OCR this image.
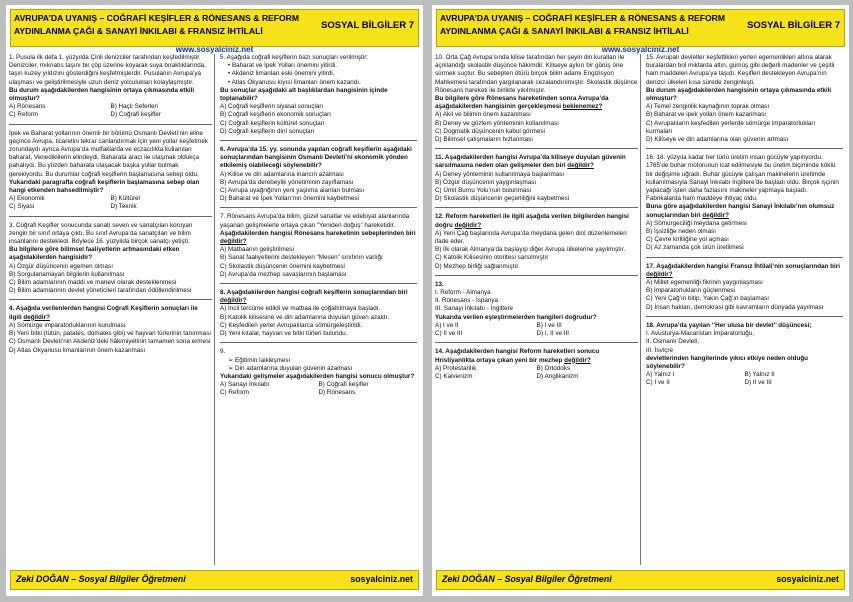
AVRUPA’DA UYANIŞ – COĞRAFİ KEŞİFLER & RÖNESANS & REFORM
AYDINLANMA ÇAĞI & SANAYİ İNKILABI & FRANSIZ İHTİLALİ	SOSYAL BİLGİLER 7
www.sosyalciniz.net

1. Pusula ilk defa 1. yüzyılda Çinli denizciler tarafından keşfedilmiştir. Denizciler, mıknatıs taşını bir çöp üzerine koyarak suya bıraktıklarında, taşın kuzey yıldızını gösterdiğini keşfetmişlerdir. Pusulanın Avrupa’ya ulaşması ve geliştirilmesiyle uzun deniz yolculukları kolaylaşmıştır.

Bu durum aşağıdakilerden hangisinin ortaya çıkmasında etkili olmuştur?

A) Rönesans	B) Haçlı Seferleri

C) Reform	D) Coğrafi keşifler

İpek ve Baharat yollarının önemli bir bölümü Osmanlı Devleti’nin eline geçince Avrupa, ticaretini tekrar canlandırmak için yeni yollar keşfetmek zorundaydı ayrıca Avrupa’da mutfaklarda ve eczacılıkta kullanılan baharat, Venediklilerin elindeydi. Baharata aracı ile ulaşmak oldukça pahalıydı. Bu yüzden baharata ulaşacak başka yollar bulmak gerekiyordu. Bu durumlar coğrafi keşiflerin başlamasına sebep oldu.

Yukarıdaki paragrafta coğrafi keşiflerin başlamasına sebep olan hangi etkenden bahsedilmiştir?

A) Ekonomik	B) Kültürel

C) Siyasi	D) Teknik

3. Coğrafi Keşifler sonucunda sanatı seven ve sanatçıları koruyan zengin bir sınıf ortaya çıktı. Bu sınıf Avrupa’da sanatçıları ve bilim insanlarını destekledi. Böylece 16. yüzyılda birçok sanatçı yetişti.

Bu bilgilere göre bilimsel faaliyetlerin artmasındaki etken aşağıdakilerden hangisidir?

A) Özgür düşüncenin egemen olması

B) Sorgulanamayan bilgilerin kullanılması

C) Bilim adamlarının maddi ve manevi olarak desteklenmesi

D) Bilim adamlarının devlet yöneticileri tarafından ödüllendirilmesi

4. Aşağıda verilenlerden hangisi Coğrafi Keşiflerin sonuçları ile ilgili değildir?

A) Sömürge imparatorluklarının kurulması

B) Yeni bitki (tütün, patates, domates gibi) ve hayvan türlerinin tanınması

C) Osmanlı Devleti’nin Akdeniz’deki hâkimiyetinin tamamen sona ermesi

D) Atlas Okyanusu limanlarının önem kazanması

5. Aşağıda coğrafi keşiflerin bazı sonuçları verilmiştir:

• Baharat ve İpek Yolları önemini yitirdi.

• Akdeniz limanları eski önemini yitirdi.

• Atlas Okyanusu kıyısı limanları önem kazandı.

Bu sonuçlar aşağıdaki alt başlıklardan hangisinin içinde toplanabilir?

A) Coğrafi keşiflerin siyasal sonuçları

B) Coğrafi keşiflerin ekonomik sonuçları

C) Coğrafi keşiflerin kültürel sonuçları

D) Coğrafi keşiflerin dinî sonuçları

6. Avrupa’da 15. yy. sonunda yapılan coğrafi keşiflerin aşağıdaki sonuçlarından hangisinin Osmanlı Devleti’ni ekonomik yönden etkilemiş olabileceği söylenebilir?

A) Kilise ve din adamlarına inancın azalması

B) Avrupa’da derebeylik yönetiminin zayıflaması

C) Avrupa uyağrığının yeni yaşlıma alanları bulması

D) Baharat ve İpek Yolları’nın önemini kaybetmesi

7. Rönesans Avrupa’da bilim, güzel sanatlar ve edebiyat alanlarında yaşanan gelişmelerle ortaya çıkan “Yeniden doğuş” hareketidir.

Aşağıdakilerden hangisi Rönesans hareketinin sebeplerinden biri değildir?

A) Matbaanın geliştirilmesi

B) Sanat faaliyetlerini destekleyen “Mesen” sınıfının varlığı

C) Skolastik düşüncenin önemini kaybetmesi

D) Avrupa’da mezhep savaşlarının başlaması

8. Aşağıdakilerden hangisi coğrafi keşiflerin sonuçlarından biri değildir?

A) İncil tercüme edildi ve matbaa ile çoğaltılmaya başladı.

B) Katolik kilisesine ve din adamlarına duyulan güven azaldı.

C) Keşfedilen yerler Avrupalılarca sömürgeleştirildi.

D) Yeni kıtalar, hayvan ve bitki türleri bulundu.

9.

➢ Eğitimin laikleşmesi

➢ Din adamlarına duyulan güvenin azalması

Yukarıdaki gelişmeler aşağıdakilerden hangisi sonucu olmuştur?

A) Sanayi İnkılabı	B) Coğrafi keşifler

C) Reform	D) Rönesans

Zeki DOĞAN – Sosyal Bilgiler Öğretmeni	sosyalciniz.net
AVRUPA’DA UYANIŞ – COĞRAFİ KEŞİFLER & RÖNESANS & REFORM
AYDINLANMA ÇAĞI & SANAYİ İNKILABI & FRANSIZ İHTİLALİ	SOSYAL BİLGİLER 7
www.sosyalciniz.net

10. Orta Çağ Avrupa’sında kilise tarafından her şeyin din kuralları ile açıklandığı skolastik düşünce hâkimdir. Kiliseye aykırı bir görüş öne sürmek suçtur. Bu sebepten ötürü birçok bilim adamı Engizisyon Mahkemesi tarafından yargılanarak cezalandırılmıştır. Skolastik düşünce Rönesans hareketi ile birlikte yıkılmıştır.

Bu bilgilere göre Rönesans hareketinden sonra Avrupa’da aşağıdakilerden hangisinin gerçekleşmesi beklenemez?

A) Akıl ve bilimin önem kazanması

B) Deney ve gözlem yönteminin kullanılması

C) Dogmatik düşüncenin kabul görmesi

D) Bilimsel çalışmaların hızlanması

11. Aşağıdakilerden hangisi Avrupa’da kiliseye duyulan güvenin sarsılmasına neden olan gelişmeler den biri değildir?

A) Deney yönteminin kullanılmaya başlanması

B) Özgür düşüncenin yaygınlaşması

C) Ümit Burnu Yolu’nun bulunması

D) Skolastik düşüncenin geçerliliğini kaybetmesi

12. Reform hareketleri ile ilgili aşağıda verilen bilgilerden hangisi doğru değildir?

A) Yeni Çağ başlarında Avrupa’da meydana gelen dinî düzenlemeleri ifade eder.

B) İlk olarak Almanya’da başlayıp diğer Avrupa ülkelerine yayılmıştır.

C) Katolik Kilisesinin otoritesi sarsılmıştır

D) Mezhep birliği sağlanmıştır.

13.

I. Reform - Almanya

II. Rönesans - İspanya

III. Sanayi İnkılabı - İngiltere

Yukarıda verilen eşleştirmelerden hangileri doğrudur?

A) I ve II	B) I ve III

C) II ve III	D) I, II ve III

14. Aşağıdakilerden hangisi Reform hareketleri sonucu Hristiyanlıkta ortaya çıkan yeni bir mezhep değildir?

A) Protestanlık	B) Ortodoks

C) Kalvenizm	D) Anglikanizm

15. Avrupalı devletler keşfettikleri yerleri egemenlikleri altına alarak buralardan bol miktarda altın, gümüş gibi değerli madenler ve çeşitli ham maddeleri Avrupa’ya taşıdı. Keşifleri destekleyen Avrupa’nın denizci ülkeleri kısa sürede zenginleşti.

Bu durum aşağıdakilerden hangisinin ortaya çıkmasında etkili olmuştur?

A) Temel zenginlik kaynağının toprak olması

B) Baharat ve ipek yolları önem kazanması

C) Avrupalıların keşfedilen yerlerde sömürge imparatorlukları kurmaları

D) Kiliseye ve din adamlarına olan güvenin artması

16. 18. yüzyıla kadar her türlü üretim insan gücüyle yapılıyordu. 1765’de buhar motorunun icat edilmesiyle bu üretim biçiminde köklü bir değişime uğradı. Buhar gücüyle çalışan makinelerin üretimde kullanılmasıyla Sanayi İnkılabı İngiltere’de başladı oldu. Birçok işçinin yapacağı işten daha fazlasını makineler yapmaya başladı. Fabrikalarda ham maddeye ihtiyaç oldu.

Buna göre aşağıdakilerden hangisi Sanayi İnkılabı’nın olumsuz sonuçlarından biri değildir?

A) Sömürgeciliği meydana getirmesi

B) İşsizliğe neden olması

C) Çevre kirliliğine yol açması

D) Az zamanda çok ürün üretilmesi

17. Aşağıdakilerden hangisi Fransız İhtilali’nin sonuçlarından biri değildir?

A) Millet egemenliği fikrinin yaygınlaşması

B) İmparatorlukların güçlenmesi

C) Yeni Çağ’ın bitip, Yakın Çağ’ın başlaması

D) İnsan hakları, demokrasi gibi kavramların dünyada yayılması

18. Avrupa’da yayılan ‘’Her ulusa bir devlet’’ düşüncesi;

I. Avusturya-Macaristan İmparatorluğu,

II. Osmanlı Devleti,

III. İsviçre

devletlerinden hangilerinde yıkıcı etkiye neden olduğu söylenebilir?

A) Yalnız I	B) Yalnız II

C) I ve II	D) II ve III

Zeki DOĞAN – Sosyal Bilgiler Öğretmeni	sosyalciniz.net
